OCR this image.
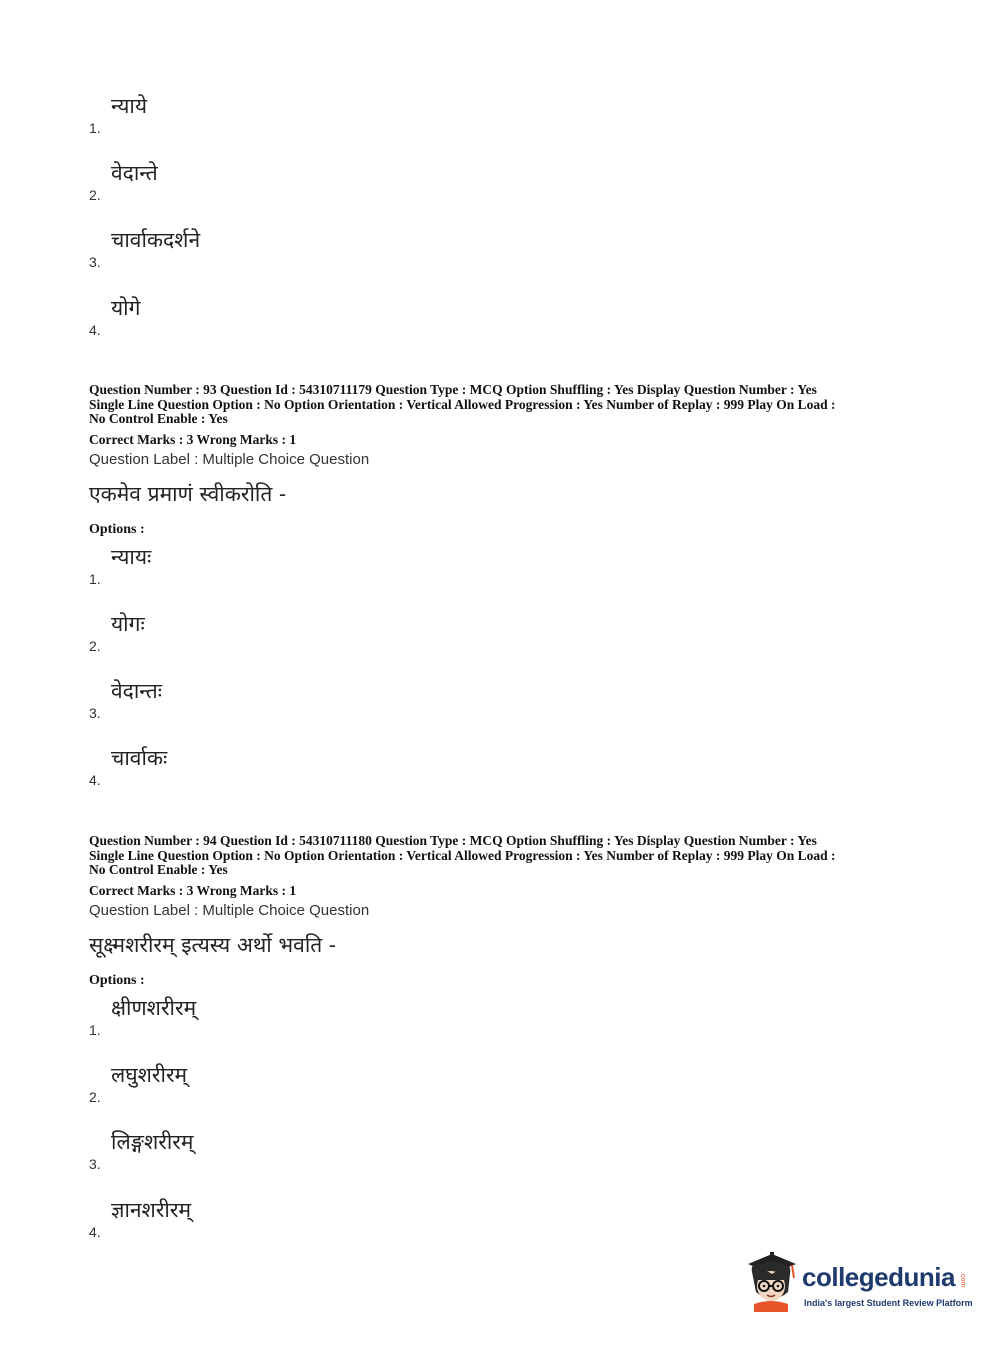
न्याये
1.
वेदान्ते
2.
चार्वाकदर्शने
3.
योगे
4.
Question Number : 93 Question Id : 54310711179 Question Type : MCQ Option Shuffling : Yes Display Question Number : Yes
Single Line Question Option : No Option Orientation : Vertical Allowed Progression : Yes Number of Replay : 999 Play On Load :
No Control Enable : Yes
Correct Marks : 3 Wrong Marks : 1
Question Label : Multiple Choice Question
एकमेव प्रमाणं स्वीकरोति -
Options :
न्यायः
1.
योगः
2.
वेदान्तः
3.
चार्वाकः
4.
Question Number : 94 Question Id : 54310711180 Question Type : MCQ Option Shuffling : Yes Display Question Number : Yes
Single Line Question Option : No Option Orientation : Vertical Allowed Progression : Yes Number of Replay : 999 Play On Load :
No Control Enable : Yes
Correct Marks : 3 Wrong Marks : 1
Question Label : Multiple Choice Question
सूक्ष्मशरीरम् इत्यस्य अर्थो भवति -
Options :
क्षीणशरीरम्
1.
लघुशरीरम्
2.
लिङ्गशरीरम्
3.
ज्ञानशरीरम्
4.
collegedunia .com
India's largest Student Review Platform
